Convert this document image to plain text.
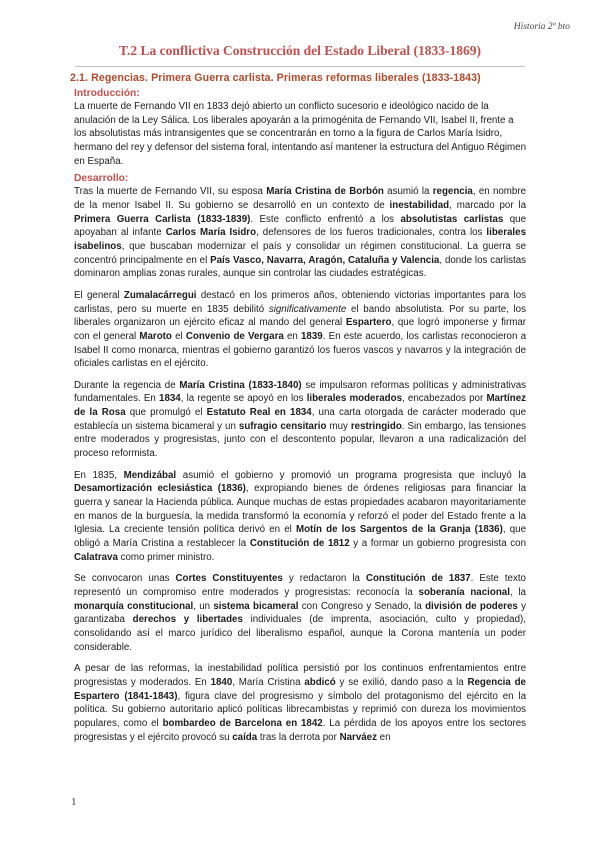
Historia 2º bto
T.2 La conflictiva Construcción del Estado Liberal (1833-1869)
2.1. Regencias. Primera Guerra carlista. Primeras reformas liberales (1833-1843)
Introducción:

La muerte de Fernando VII en 1833 dejó abierto un conflicto sucesorio e ideológico nacido de la anulación de la Ley Sálica. Los liberales apoyarán a la primogénita de Fernando VII, Isabel II, frente a los absolutistas más intransigentes que se concentrarán en torno a la figura de Carlos María Isidro, hermano del rey y defensor del sistema foral, intentando así mantener la estructura del Antiguo Régimen en España.

Desarrollo:

Tras la muerte de Fernando VII, su esposa María Cristina de Borbón asumió la regencia, en nombre de la menor Isabel II. Su gobierno se desarrolló en un contexto de inestabilidad, marcado por la Primera Guerra Carlista (1833-1839). Este conflicto enfrentó a los absolutistas carlistas que apoyaban al infante Carlos María Isidro, defensores de los fueros tradicionales, contra los liberales isabelinos, que buscaban modernizar el país y consolidar un régimen constitucional. La guerra se concentró principalmente en el País Vasco, Navarra, Aragón, Cataluña y Valencia, donde los carlistas dominaron amplias zonas rurales, aunque sin controlar las ciudades estratégicas.

El general Zumalacárregui destacó en los primeros años, obteniendo victorias importantes para los carlistas, pero su muerte en 1835 debilitó significativamente el bando absolutista. Por su parte, los liberales organizaron un ejército eficaz al mando del general Espartero, que logró imponerse y firmar con el general Maroto el Convenio de Vergara en 1839. En este acuerdo, los carlistas reconocieron a Isabel II como monarca, mientras el gobierno garantizó los fueros vascos y navarros y la integración de oficiales carlistas en el ejército.

Durante la regencia de María Cristina (1833-1840) se impulsaron reformas políticas y administrativas fundamentales. En 1834, la regente se apoyó en los liberales moderados, encabezados por Martínez de la Rosa que promulgó el Estatuto Real en 1834, una carta otorgada de carácter moderado que establecía un sistema bicameral y un sufragio censitario muy restringido. Sin embargo, las tensiones entre moderados y progresistas, junto con el descontento popular, llevaron a una radicalización del proceso reformista.

En 1835, Mendizábal asumió el gobierno y promovió un programa progresista que incluyó la Desamortización eclesiástica (1836), expropiando bienes de órdenes religiosas para financiar la guerra y sanear la Hacienda pública. Aunque muchas de estas propiedades acabaron mayoritariamente en manos de la burguesía, la medida transformó la economía y reforzó el poder del Estado frente a la Iglesia. La creciente tensión política derivó en el Motín de los Sargentos de la Granja (1836), que obligó a María Cristina a restablecer la Constitución de 1812 y a formar un gobierno progresista con Calatrava como primer ministro.

Se convocaron unas Cortes Constituyentes y redactaron la Constitución de 1837. Este texto representó un compromiso entre moderados y progresistas: reconocía la soberanía nacional, la monarquía constitucional, un sistema bicameral con Congreso y Senado, la división de poderes y garantizaba derechos y libertades individuales (de imprenta, asociación, culto y propiedad), consolidando así el marco jurídico del liberalismo español, aunque la Corona mantenía un poder considerable.

A pesar de las reformas, la inestabilidad política persistió por los continuos enfrentamientos entre progresistas y moderados. En 1840, María Cristina abdicó y se exilió, dando paso a la Regencia de Espartero (1841-1843), figura clave del progresismo y símbolo del protagonismo del ejército en la política. Su gobierno autoritario aplicó políticas librecambistas y reprimió con dureza los movimientos populares, como el bombardeo de Barcelona en 1842. La pérdida de los apoyos entre los sectores progresistas y el ejército provocó su caída tras la derrota por Narváez en

1
